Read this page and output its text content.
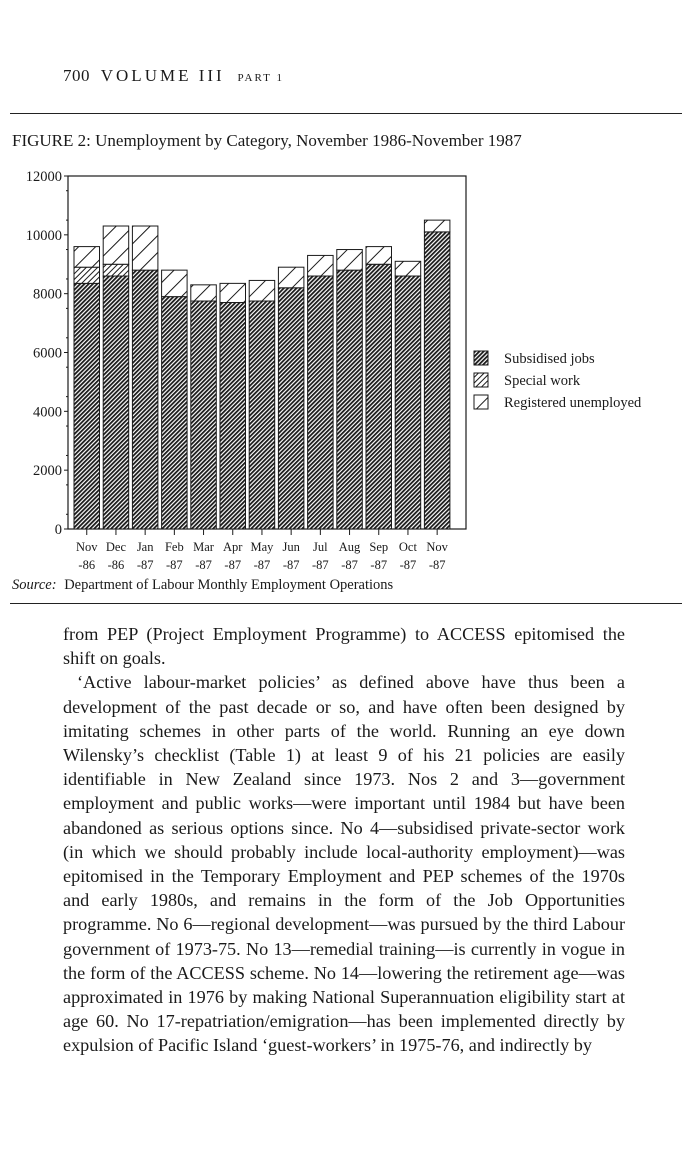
700 VOLUME III PART 1
FIGURE 2: Unemployment by Category, November 1986-November 1987
0
2000
4000
6000
8000
10000
12000
Nov
-86
Dec
-86
Jan
-87
Feb
-87
Mar
-87
Apr
-87
May
-87
Jun
-87
Jul
-87
Aug
-87
Sep
-87
Oct
-87
Nov
-87
Subsidised jobs
Special work
Registered unemployed
Source: Department of Labour Monthly Employment Operations

from PEP (Project Employment Programme) to ACCESS epitomised the shift on goals.

‘Active labour-market policies’ as defined above have thus been a development of the past decade or so, and have often been designed by imitating schemes in other parts of the world. Running an eye down Wilensky’s checklist (Table 1) at least 9 of his 21 policies are easily identifiable in New Zealand since 1973. Nos 2 and 3—government employment and public works—were important until 1984 but have been abandoned as serious options since. No 4—subsidised private-sector work (in which we should probably include local-authority employment)—was epitomised in the Temporary Employment and PEP schemes of the 1970s and early 1980s, and remains in the form of the Job Opportunities programme. No 6—regional development—was pursued by the third Labour government of 1973-75. No 13—remedial training—is currently in vogue in the form of the ACCESS scheme. No 14—lowering the retirement age—was approximated in 1976 by making National Superannuation eligibility start at age 60. No 17-repatriation/emigration—has been implemented directly by expulsion of Pacific Island ‘guest-workers’ in 1975-76, and indirectly by
